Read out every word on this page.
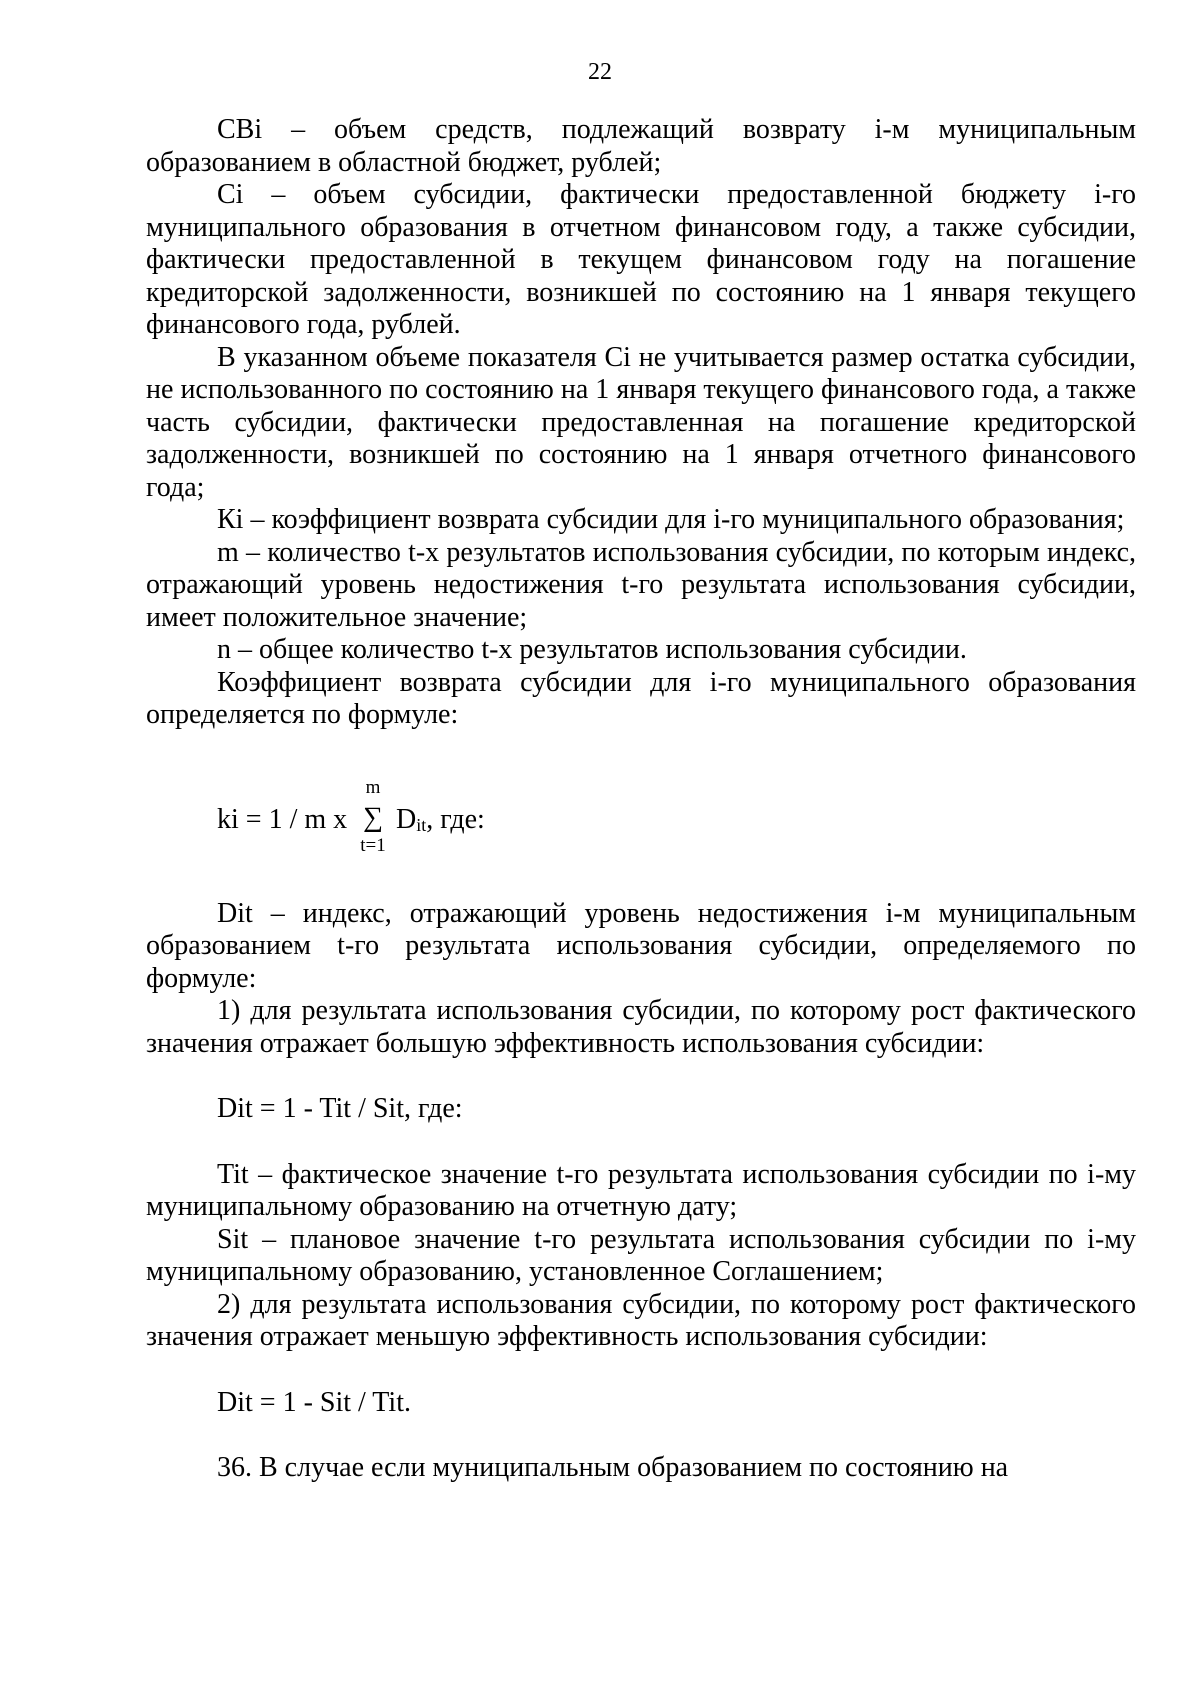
22

СВi – объем средств, подлежащий возврату i-м муниципальным образованием в областной бюджет, рублей;

Сi – объем субсидии, фактически предоставленной бюджету i-го муниципального образования в отчетном финансовом году, а также субсидии, фактически предоставленной в текущем финансовом году на погашение кредиторской задолженности, возникшей по состоянию на 1 января текущего финансового года, рублей.

В указанном объеме показателя Сi не учитывается размер остатка субсидии, не использованного по состоянию на 1 января текущего финансового года, а также часть субсидии, фактически предоставленная на погашение кредиторской задолженности, возникшей по состоянию на 1 января отчетного финансового года;

Кi – коэффициент возврата субсидии для i-го муниципального образования;

m – количество t-х результатов использования субсидии, по которым индекс, отражающий уровень недостижения t-го результата использования субсидии, имеет положительное значение;

n – общее количество t-х результатов использования субсидии.

Коэффициент возврата субсидии для i-го муниципального образования определяется по формуле:

ki = 1 / m x
m
∑
t=1
Dit, где:

Dit – индекс, отражающий уровень недостижения i-м муниципальным образованием t-го результата использования субсидии, определяемого по формуле:

1) для результата использования субсидии, по которому рост фактического значения отражает большую эффективность использования субсидии:

Dit = 1 - Tit / Sit, где:

Tit – фактическое значение t-го результата использования субсидии по i-му муниципальному образованию на отчетную дату;

Sit – плановое значение t-го результата использования субсидии по i-му муниципальному образованию, установленное Соглашением;

2) для результата использования субсидии, по которому рост фактического значения отражает меньшую эффективность использования субсидии:

Dit = 1 - Sit / Tit.

36. В случае если муниципальным образованием по состоянию на
